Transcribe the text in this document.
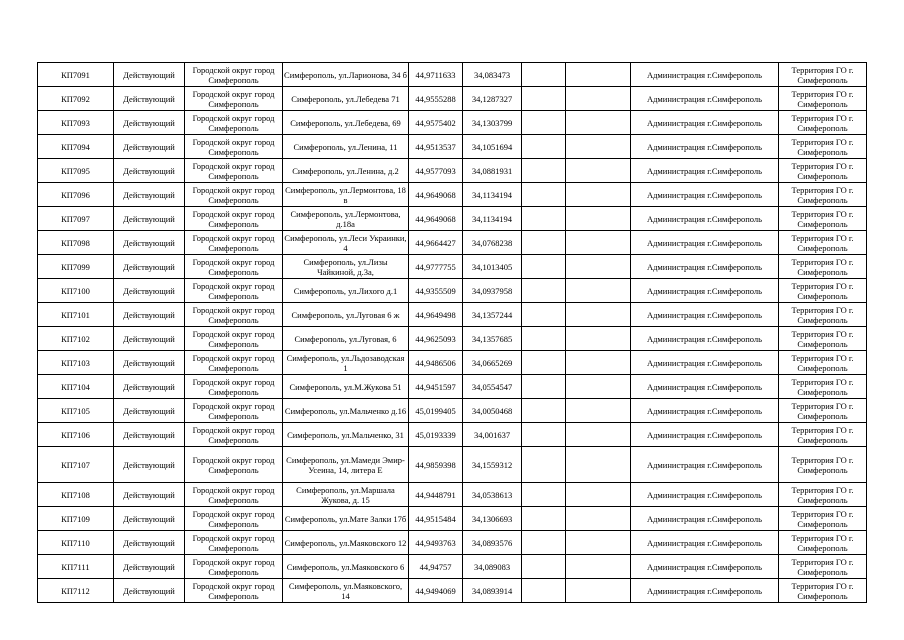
КП7091	Действующий	Городской округ город Симферополь	Симферополь, ул.Ларионова, 34 б	44,9711633	34,083473			Администрация г.Симферополь	Территория ГО г. Симферополь
КП7092	Действующий	Городской округ город Симферополь	Симферополь, ул.Лебедева 71	44,9555288	34,1287327			Администрация г.Симферополь	Территория ГО г. Симферополь
КП7093	Действующий	Городской округ город Симферополь	Симферополь, ул.Лебедева, 69	44,9575402	34,1303799			Администрация г.Симферополь	Территория ГО г. Симферополь
КП7094	Действующий	Городской округ город Симферополь	Симферополь, ул.Ленина, 11	44,9513537	34,1051694			Администрация г.Симферополь	Территория ГО г. Симферополь
КП7095	Действующий	Городской округ город Симферополь	Симферополь, ул.Ленина, д.2	44,9577093	34,0881931			Администрация г.Симферополь	Территория ГО г. Симферополь
КП7096	Действующий	Городской округ город Симферополь	Симферополь, ул.Лермонтова, 18 в	44,9649068	34,1134194			Администрация г.Симферополь	Территория ГО г. Симферополь
КП7097	Действующий	Городской округ город Симферополь	Симферополь, ул.Лермонтова, д.18а	44,9649068	34,1134194			Администрация г.Симферополь	Территория ГО г. Симферополь
КП7098	Действующий	Городской округ город Симферополь	Симферополь, ул.Леси Украинки, 4	44,9664427	34,0768238			Администрация г.Симферополь	Территория ГО г. Симферополь
КП7099	Действующий	Городской округ город Симферополь	Симферополь, ул.Лизы Чайкиной, д.3а,	44,9777755	34,1013405			Администрация г.Симферополь	Территория ГО г. Симферополь
КП7100	Действующий	Городской округ город Симферополь	Симферополь, ул.Лихого д.1	44,9355509	34,0937958			Администрация г.Симферополь	Территория ГО г. Симферополь
КП7101	Действующий	Городской округ город Симферополь	Симферополь, ул.Луговая 6 ж	44,9649498	34,1357244			Администрация г.Симферополь	Территория ГО г. Симферополь
КП7102	Действующий	Городской округ город Симферополь	Симферополь, ул.Луговая, 6	44,9625093	34,1357685			Администрация г.Симферополь	Территория ГО г. Симферополь
КП7103	Действующий	Городской округ город Симферополь	Симферополь, ул.Льдозаводская 1	44,9486506	34,0665269			Администрация г.Симферополь	Территория ГО г. Симферополь
КП7104	Действующий	Городской округ город Симферополь	Симферополь, ул.М.Жукова 51	44,9451597	34,0554547			Администрация г.Симферополь	Территория ГО г. Симферополь
КП7105	Действующий	Городской округ город Симферополь	Симферополь, ул.Мальченко д.16	45,0199405	34,0050468			Администрация г.Симферополь	Территория ГО г. Симферополь
КП7106	Действующий	Городской округ город Симферополь	Симферополь, ул.Мальченко, 31	45,0193339	34,001637			Администрация г.Симферополь	Территория ГО г. Симферополь
КП7107	Действующий	Городской округ город Симферополь	Симферополь, ул.Мамеди Эмир-Усеина, 14, литера Е	44,9859398	34,1559312			Администрация г.Симферополь	Территория ГО г. Симферополь
КП7108	Действующий	Городской округ город Симферополь	Симферополь, ул.Маршала Жукова, д. 15	44,9448791	34,0538613			Администрация г.Симферополь	Территория ГО г. Симферополь
КП7109	Действующий	Городской округ город Симферополь	Симферополь, ул.Мате Залки 17б	44,9515484	34,1306693			Администрация г.Симферополь	Территория ГО г. Симферополь
КП7110	Действующий	Городской округ город Симферополь	Симферополь, ул.Маяковского 12	44,9493763	34,0893576			Администрация г.Симферополь	Территория ГО г. Симферополь
КП7111	Действующий	Городской округ город Симферополь	Симферополь, ул.Маяковского 6	44,94757	34,089083			Администрация г.Симферополь	Территория ГО г. Симферополь
КП7112	Действующий	Городской округ город Симферополь	Симферополь, ул.Маяковского, 14	44,9494069	34,0893914			Администрация г.Симферополь	Территория ГО г. Симферополь
